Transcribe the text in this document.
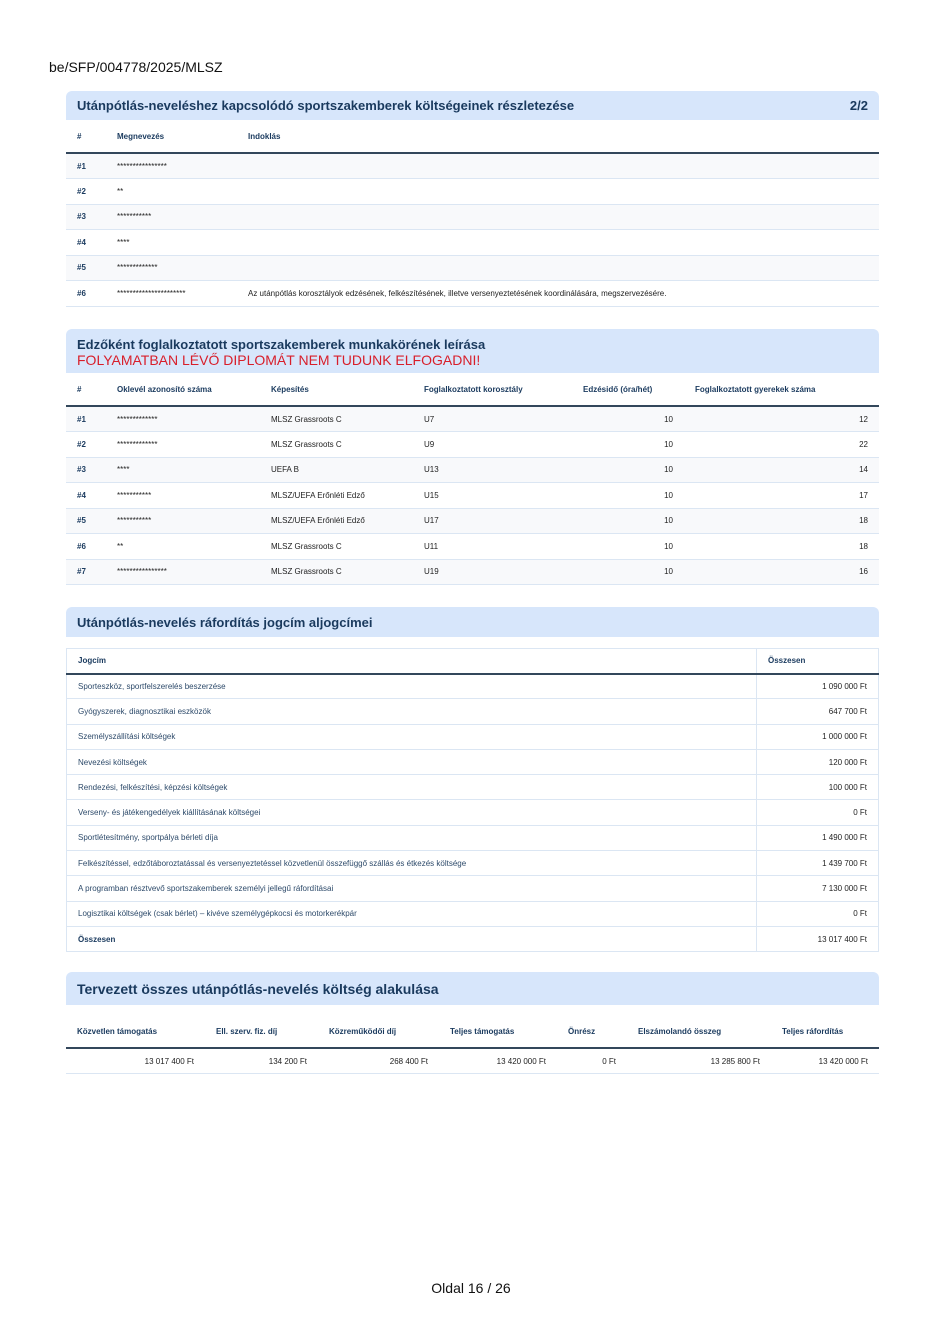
be/SFP/004778/2025/MLSZ
Utánpótlás-neveléshez kapcsolódó sportszakemberek költségeinek részletezése	2/2
#	Megnevezés	Indoklás
#1	****************	
#2	**	
#3	***********	
#4	****	
#5	*************	
#6	**********************	Az utánpótlás korosztályok edzésének, felkészítésének, illetve versenyeztetésének koordinálására, megszervezésére.
Edzőként foglalkoztatott sportszakemberek munkakörének leírása
FOLYAMATBAN LÉVŐ DIPLOMÁT NEM TUDUNK ELFOGADNI!
#	Oklevél azonosító száma	Képesítés	Foglalkoztatott korosztály	Edzésidő (óra/hét)	Foglalkoztatott gyerekek száma
#1	*************	MLSZ Grassroots C	U7	10	12
#2	*************	MLSZ Grassroots C	U9	10	22
#3	****	UEFA B	U13	10	14
#4	***********	MLSZ/UEFA Erőnléti Edző	U15	10	17
#5	***********	MLSZ/UEFA Erőnléti Edző	U17	10	18
#6	**	MLSZ Grassroots C	U11	10	18
#7	****************	MLSZ Grassroots C	U19	10	16
Utánpótlás-nevelés ráfordítás jogcím aljogcímei
Jogcím	Összesen
Sporteszköz, sportfelszerelés beszerzése	1 090 000 Ft
Gyógyszerek, diagnosztikai eszközök	647 700 Ft
Személyszállítási költségek	1 000 000 Ft
Nevezési költségek	120 000 Ft
Rendezési, felkészítési, képzési költségek	100 000 Ft
Verseny- és játékengedélyek kiállításának költségei	0 Ft
Sportlétesítmény, sportpálya bérleti díja	1 490 000 Ft
Felkészítéssel, edzőtáboroztatással és versenyeztetéssel közvetlenül összefüggő szállás és étkezés költsége	1 439 700 Ft
A programban résztvevő sportszakemberek személyi jellegű ráfordításai	7 130 000 Ft
Logisztikai költségek (csak bérlet) – kivéve személygépkocsi és motorkerékpár	0 Ft
Összesen	13 017 400 Ft
Tervezett összes utánpótlás-nevelés költség alakulása
Közvetlen támogatás	Ell. szerv. fiz. díj	Közreműködői díj	Teljes támogatás	Önrész	Elszámolandó összeg	Teljes ráfordítás
13 017 400 Ft	134 200 Ft	268 400 Ft	13 420 000 Ft	0 Ft	13 285 800 Ft	13 420 000 Ft
Oldal 16 / 26
